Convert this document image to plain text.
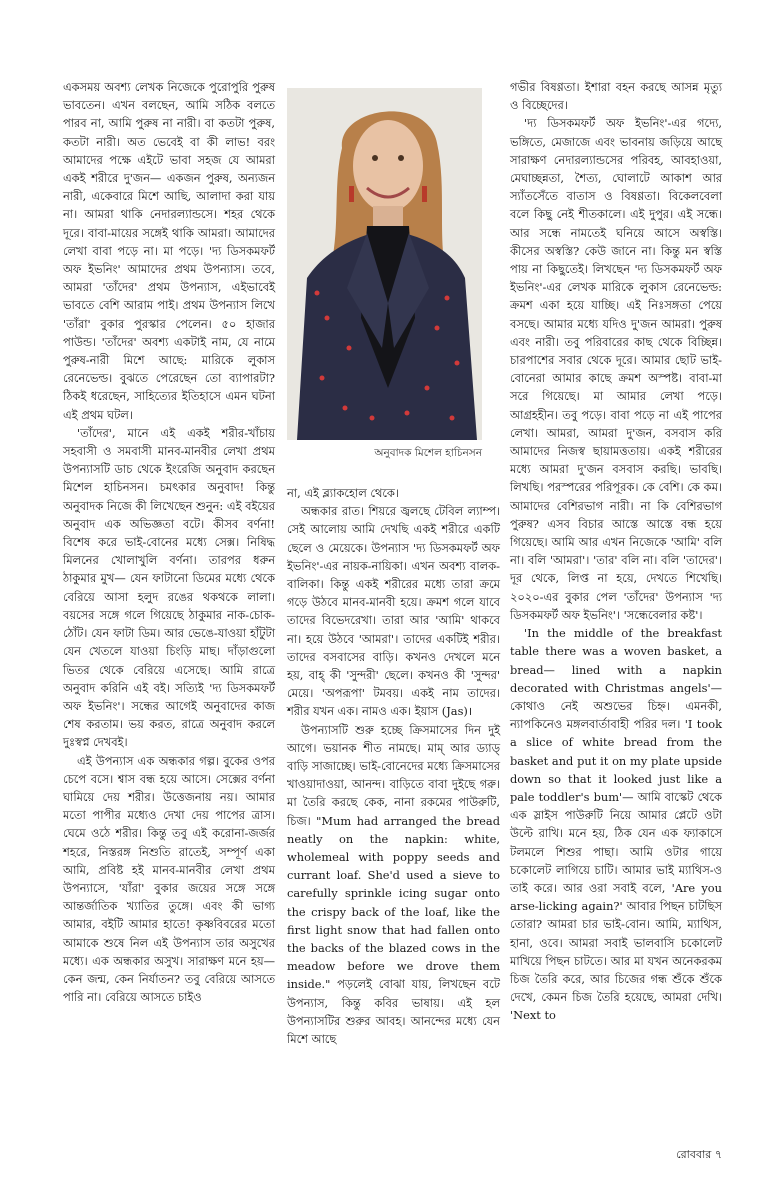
একসময় অবশ্য লেখক নিজেকে পুরোপুরি পুরুষ ভাবতেন। এখন বলছেন, আমি সঠিক বলতে পারব না, আমি পুরুষ না নারী। বা কতটা পুরুষ, কতটা নারী। অত ভেবেই বা কী লাভ! বরং আমাদের পক্ষে এইটে ভাবা সহজ যে আমরা একই শরীরে দু'জন— একজন পুরুষ, অন্যজন নারী, একেবারে মিশে আছি, আলাদা করা যায় না। আমরা থাকি নেদারল্যান্ডসে। শহর থেকে দূরে। বাবা-মায়ের সঙ্গেই থাকি আমরা। আমাদের লেখা বাবা পড়ে না। মা পড়ে। 'দ্য ডিসকমফর্ট অফ ইভনিং' আমাদের প্রথম উপন্যাস। তবে, আমরা 'তাঁদের' প্রথম উপন্যাস, এইভাবেই ভাবতে বেশি আরাম পাই। প্রথম উপন্যাস লিখে 'তাঁরা' বুকার পুরস্কার পেলেন। ৫০ হাজার পাউন্ড। 'তাঁদের' অবশ্য একটাই নাম, যে নামে পুরুষ-নারী মিশে আছে: মারিকে লুকাস রেনেভেল্ড। বুঝতে পেরেছেন তো ব্যাপারটা? ঠিকই ধরেছেন, সাহিত্যের ইতিহাসে এমন ঘটনা এই প্রথম ঘটল।

'তাঁদের', মানে এই একই শরীর-খাঁচায় সহবাসী ও সমবাসী মানব-মানবীর লেখা প্রথম উপন্যাসটি ডাচ থেকে ইংরেজি অনুবাদ করছেন মিশেল হাচিনসন। চমৎকার অনুবাদ! কিন্তু অনুবাদক নিজে কী লিখেছেন শুনুন: এই বইয়ের অনুবাদ এক অভিজ্ঞতা বটে। কীসব বর্ণনা! বিশেষ করে ভাই-বোনের মধ্যে সেক্স। নিষিদ্ধ মিলনের খোলাখুলি বর্ণনা। তারপর ধরুন ঠাকুমার মুখ— যেন ফাটানো ডিমের মধ্যে থেকে বেরিয়ে আসা হলুদ রঙের থকথকে লালা। বয়সের সঙ্গে গলে গিয়েছে ঠাকুমার নাক-চোক-ঠোঁট। যেন ফাটা ডিম। আর ভেঙে-যাওয়া হাঁটুটা যেন খেতলে যাওয়া চিংড়ি মাছ। দাঁড়াগুলো ভিতর থেকে বেরিয়ে এসেছে। আমি রাত্রে অনুবাদ করিনি এই বই। সত্যিই 'দ্য ডিসকমফর্ট অফ ইভনিং'। সন্ধের আগেই অনুবাদের কাজ শেষ করতাম। ভয় করত, রাত্রে অনুবাদ করলে দুঃস্বপ্ন দেখবই।

এই উপন্যাস এক অন্ধকার গল্প। বুকের ওপর চেপে বসে। শ্বাস বন্ধ হয়ে আসে। সেক্সের বর্ণনা ঘামিয়ে দেয় শরীর। উত্তেজনায় নয়। আমার মতো পাপীর মধ্যেও দেখা দেয় পাপের ত্রাস। ঘেমে ওঠে শরীর। কিন্তু তবু এই করোনা-জর্জর শহরে, নিস্তরঙ্গ নিশুতি রাতেই, সম্পূর্ণ একা আমি, প্রবিষ্ট হই মানব-মানবীর লেখা প্রথম উপন্যাসে, 'যাঁরা' বুকার জয়ের সঙ্গে সঙ্গে আন্তর্জাতিক খ্যাতির তুঙ্গে। এবং কী ভাগ্য আমার, বইটি আমার হাতে! কৃষ্ণবিবরের মতো আমাকে শুষে নিল এই উপন্যাস তার অসুখের মধ্যে। এক অন্ধকার অসুখ। সারাক্ষণ মনে হয়— কেন জন্ম, কেন নির্যাতন? তবু বেরিয়ে আসতে পারি না। বেরিয়ে আসতে চাইও

অনুবাদক মিশেল হাচিনসন

না, এই ব্ল্যাকহোল থেকে।

অন্ধকার রাত। শিয়রে জ্বলছে টেবিল ল্যাম্প। সেই আলোয় আমি দেখছি একই শরীরে একটি ছেলে ও মেয়েকে। উপন্যাস 'দ্য ডিসকমফর্ট অফ ইভনিং'-এর নায়ক-নায়িকা। এখন অবশ্য বালক-বালিকা। কিন্তু একই শরীরের মধ্যে তারা ক্রমে গড়ে উঠবে মানব-মানবী হয়ে। ক্রমশ গলে যাবে তাদের বিভেদরেখা। তারা আর 'আমি' থাকবে না। হয়ে উঠবে 'আমরা'। তাদের একটিই শরীর। তাদের বসবাসের বাড়ি। কখনও দেখলে মনে হয়, বাহ্‌ কী 'সুন্দরী' ছেলে। কখনও কী 'সুন্দর' মেয়ে। 'অপরূপা' টমবয়। একই নাম তাদের। শরীর যখন এক। নামও এক। ইয়াস (Jas)।

উপন্যাসটি শুরু হচ্ছে ক্রিসমাসের দিন দুই আগে। ভয়ানক শীত নামছে। মাম্‌ আর ড্যাড্‌ বাড়ি সাজাচ্ছে। ভাই-বোনেদের মধ্যে ক্রিসমাসের খাওয়াদাওয়া, আনন্দ। বাড়িতে বাবা দুইছে গরু। মা তৈরি করছে কেক, নানা রকমের পাউরুটি, চিজ। "Mum had arranged the bread neatly on the napkin: white, wholemeal with poppy seeds and currant loaf. She'd used a sieve to carefully sprinkle icing sugar onto the crispy back of the loaf, like the first light snow that had fallen onto the backs of the blazed cows in the meadow before we drove them inside." পড়লেই বোঝা যায়, লিখছেন বটে উপন্যাস, কিন্তু কবির ভাষায়। এই হল উপন্যাসটির শুরুর আবহ। আনন্দের মধ্যে যেন মিশে আছে

গভীর বিষণ্ণতা। ইশারা বহন করছে আসন্ন মৃত্যু ও বিচ্ছেদের।

'দ্য ডিসকমফর্ট অফ ইভনিং'-এর গদ্যে, ভঙ্গিতে, মেজাজে এবং ভাবনায় জড়িয়ে আছে সারাক্ষণ নেদারল্যান্ডসের পরিবহ, আবহাওয়া, মেঘাচ্ছন্নতা, শৈত্য, ঘোলাটে আকাশ আর স্যাঁতসেঁতে বাতাস ও বিষণ্ণতা। বিকেলবেলা বলে কিছু নেই শীতকালে। এই দুপুর। এই সন্ধে। আর সন্ধে নামতেই ঘনিয়ে আসে অস্বস্তি। কীসের অস্বস্তি? কেউ জানে না। কিন্তু মন স্বস্তি পায় না কিছুতেই। লিখছেন 'দ্য ডিসকমফর্ট অফ ইভনিং'-এর লেখক মারিকে লুকাস রেনেভেল্ড: ক্রমশ একা হয়ে যাচ্ছি। এই নিঃসঙ্গতা পেয়ে বসছে। আমার মধ্যে যদিও দু'জন আমরা। পুরুষ এবং নারী। তবু পরিবারের কাছ থেকে বিচ্ছিন্ন। চারপাশের সবার থেকে দূরে। আমার ছোট ভাই-বোনেরা আমার কাছে ক্রমশ অস্পষ্ট। বাবা-মা সরে গিয়েছে। মা আমার লেখা পড়ে। আগ্রহহীন। তবু পড়ে। বাবা পড়ে না এই পাপের লেখা। আমরা, আমরা দু'জন, বসবাস করি আমাদের নিজস্ব ছায়ামত্ততায়। একই শরীরের মধ্যে আমরা দু'জন বসবাস করছি। ভাবছি। লিখছি। পরস্পরের পরিপূরক। কে বেশি। কে কম। আমাদের বেশিরভাগ নারী। না কি বেশিরভাগ পুরুষ? এসব বিচার আস্তে আস্তে বন্ধ হয়ে গিয়েছে। আমি আর এখন নিজেকে 'আমি' বলি না। বলি 'আমরা'। 'তার' বলি না। বলি 'তাদের'। দূর থেকে, লিপ্ত না হয়ে, দেখতে শিখেছি। ২০২০-এর বুকার পেল 'তাঁদের' উপন্যাস 'দ্য ডিসকমফর্ট অফ ইভনিং'। 'সন্ধেবেলার কষ্ট'।

'In the middle of the breakfast table there was a woven basket, a bread— lined with a napkin decorated with Christmas angels'— কোথাও নেই অশুভের চিহ্ন। এমনকী, ন্যাপকিনেও মঙ্গলবার্তাবাহী পরির দল। 'I took a slice of white bread from the basket and put it on my plate upside down so that it looked just like a pale toddler's bum'— আমি বাস্কেট থেকে এক স্লাইস পাউরুটি নিয়ে আমার প্লেটে ওটা উল্টে রাখি। মনে হয়, ঠিক যেন এক ফ্যাকাসে টলমলে শিশুর পাছা। আমি ওটার গায়ে চকোলেট লাগিয়ে চাটি। আমার ভাই ম্যাথিস-ও তাই করে। আর ওরা সবাই বলে, 'Are you arse-licking again?' আবার পিছন চাটছিস তোরা? আমরা চার ভাই-বোন। আমি, ম্যাথিস, হানা, ওবে। আমরা সবাই ভালবাসি চকোলেট মাখিয়ে পিছন চাটতে। আর মা যখন অনেকরকম চিজ তৈরি করে, আর চিজের গন্ধ শুঁকে শুঁকে দেখে, কেমন চিজ তৈরি হয়েছে, আমরা দেখি। 'Next to

রোববার ৭
